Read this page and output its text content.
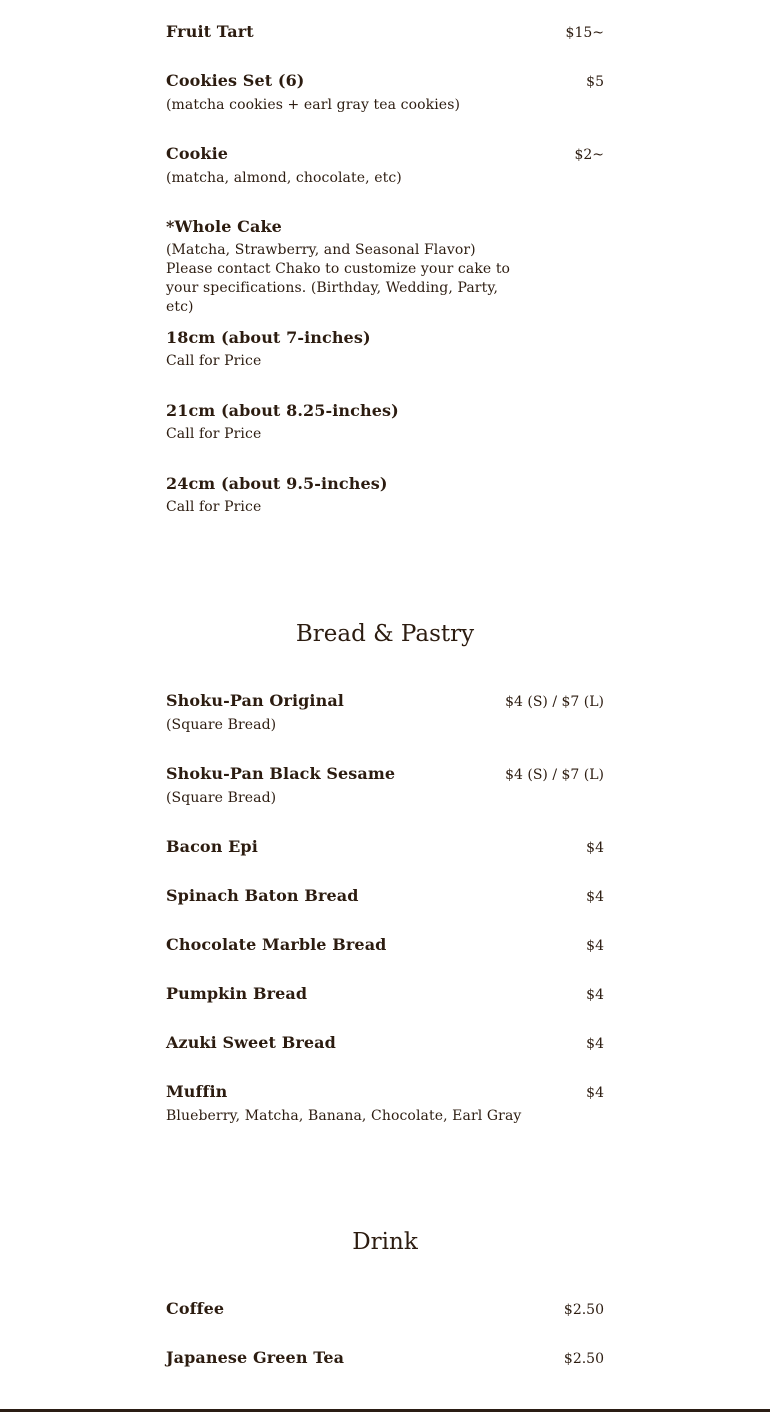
Fruit Tart	$15~
Cookies Set (6)	$5
(matcha cookies + earl gray tea cookies)
Cookie	$2~
(matcha, almond, chocolate, etc)
*Whole Cake
(Matcha, Strawberry, and Seasonal Flavor) Please contact Chako to customize your cake to your specifications. (Birthday, Wedding, Party, etc)
18cm (about 7-inches)
Call for Price
21cm (about 8.25-inches)
Call for Price
24cm (about 9.5-inches)
Call for Price
Shoku-Pan Original	$4 (S) / $7 (L)
(Square Bread)
Shoku-Pan Black Sesame	$4 (S) / $7 (L)
(Square Bread)
Bacon Epi	$4
Spinach Baton Bread	$4
Chocolate Marble Bread	$4
Pumpkin Bread	$4
Azuki Sweet Bread	$4
Muffin	$4
Blueberry, Matcha, Banana, Chocolate, Earl Gray
Coffee	$2.50
Japanese Green Tea	$2.50
Bread & Pastry
Drink
